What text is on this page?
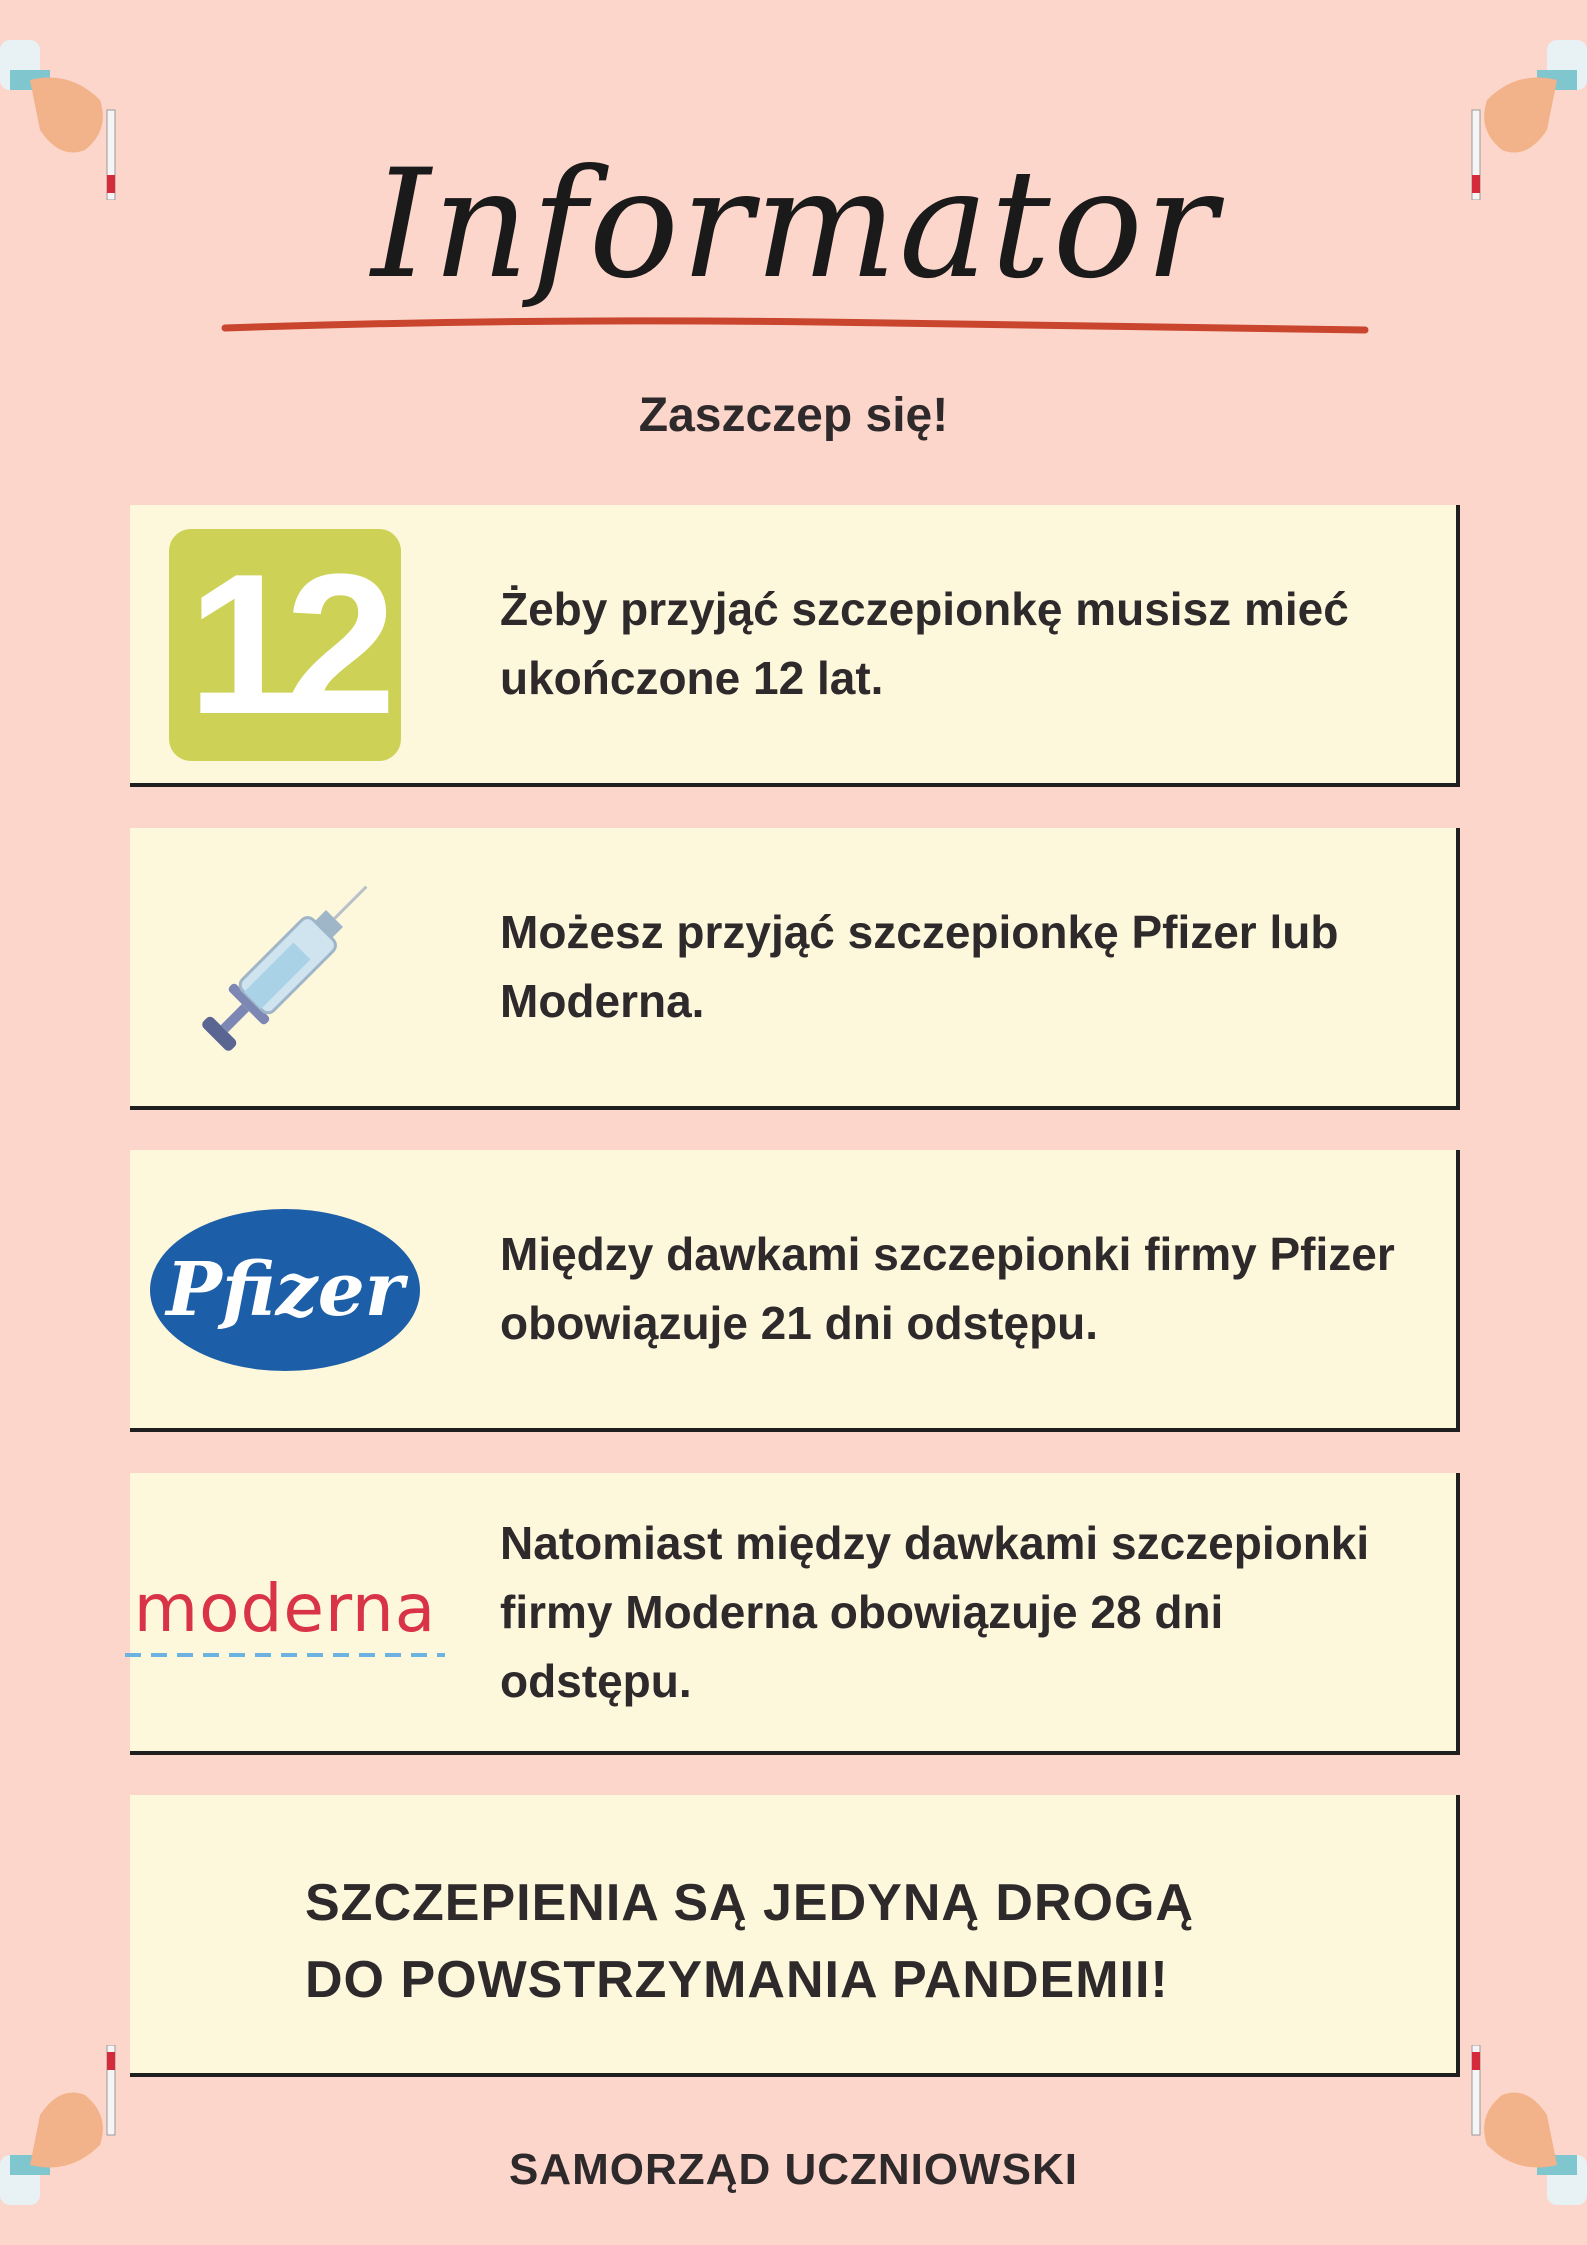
Informator
Zaszczep się!
12	Żeby przyjąć szczepionkę musisz mieć ukończone 12 lat.
Możesz przyjąć szczepionkę Pfizer lub Moderna.
Pfizer	Między dawkami szczepionki firmy Pfizer obowiązuje 21 dni odstępu.
moderna
Natomiast między dawkami szczepionki firmy Moderna obowiązuje 28 dni odstępu.
SZCZEPIENIA SĄ JEDYNĄ DROGĄ
DO POWSTRZYMANIA PANDEMII!
SAMORZĄD UCZNIOWSKI
